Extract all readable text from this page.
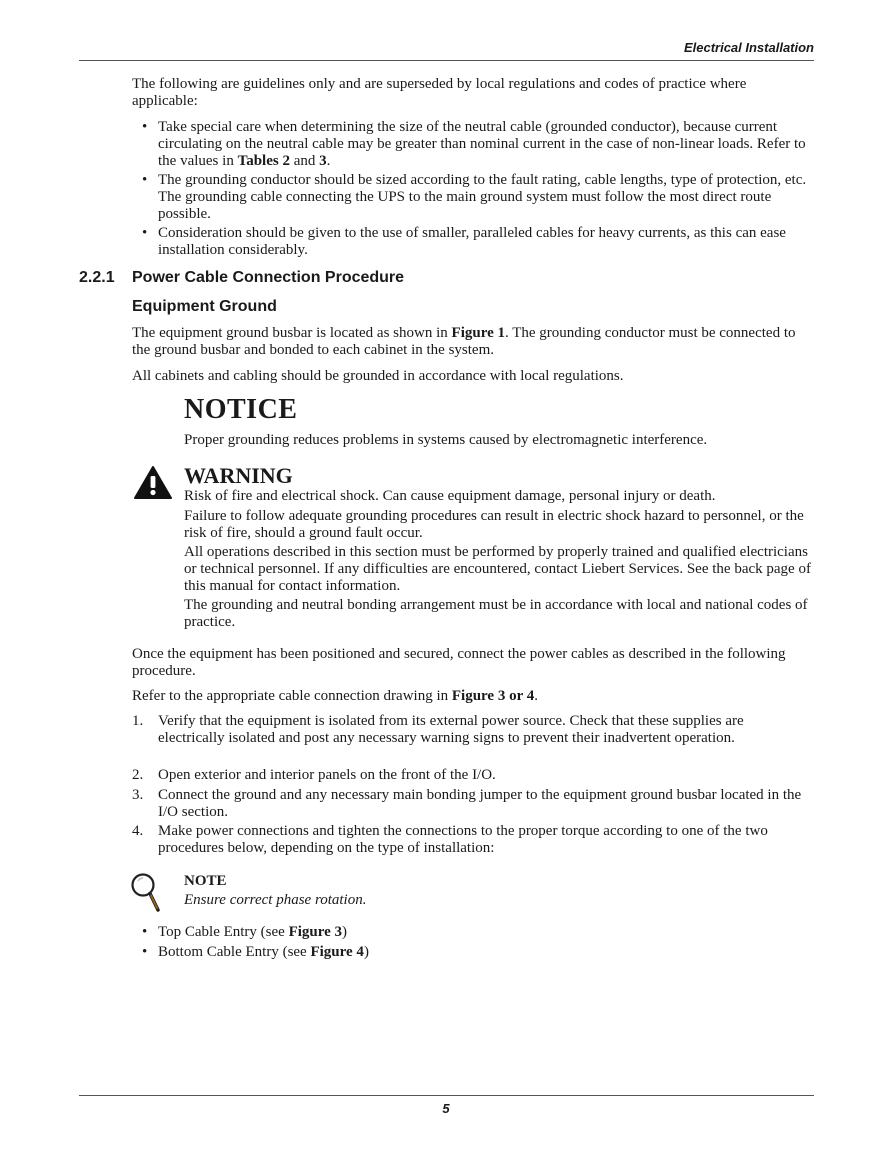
Electrical Installation
The following are guidelines only and are superseded by local regulations and codes of practice where applicable:
• Take special care when determining the size of the neutral cable (grounded conductor), because current circulating on the neutral cable may be greater than nominal current in the case of non-linear loads. Refer to the values in Tables 2 and 3.
• The grounding conductor should be sized according to the fault rating, cable lengths, type of protection, etc. The grounding cable connecting the UPS to the main ground system must follow the most direct route possible.
• Consideration should be given to the use of smaller, paralleled cables for heavy currents, as this can ease installation considerably.
2.2.1 Power Cable Connection Procedure
Equipment Ground
The equipment ground busbar is located as shown in Figure 1. The grounding conductor must be connected to the ground busbar and bonded to each cabinet in the system.
All cabinets and cabling should be grounded in accordance with local regulations.
NOTICE
Proper grounding reduces problems in systems caused by electromagnetic interference.
WARNING
Risk of fire and electrical shock. Can cause equipment damage, personal injury or death.
Failure to follow adequate grounding procedures can result in electric shock hazard to personnel, or the risk of fire, should a ground fault occur.
All operations described in this section must be performed by properly trained and qualified electricians or technical personnel. If any difficulties are encountered, contact Liebert Services. See the back page of this manual for contact information.
The grounding and neutral bonding arrangement must be in accordance with local and national codes of practice.
Once the equipment has been positioned and secured, connect the power cables as described in the following procedure.
Refer to the appropriate cable connection drawing in Figure 3 or 4.
1. Verify that the equipment is isolated from its external power source. Check that these supplies are electrically isolated and post any necessary warning signs to prevent their inadvertent operation.
2. Open exterior and interior panels on the front of the I/O.
3. Connect the ground and any necessary main bonding jumper to the equipment ground busbar located in the I/O section.
4. Make power connections and tighten the connections to the proper torque according to one of the two procedures below, depending on the type of installation:
NOTE
Ensure correct phase rotation.
• Top Cable Entry (see Figure 3)
• Bottom Cable Entry (see Figure 4)
5
